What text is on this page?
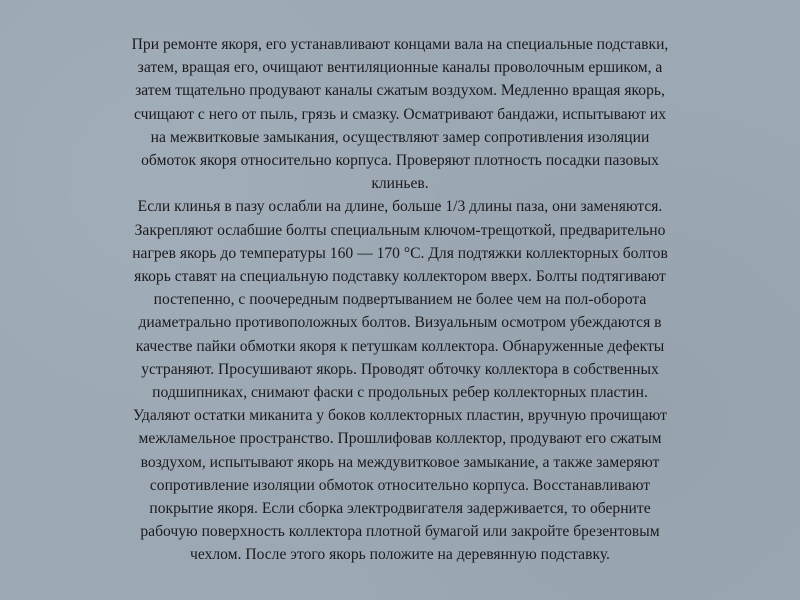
При ремонте якоря, его устанавливают концами вала на специальные подставки,
затем, вращая его, очищают вентиляционные каналы проволочным ершиком, а
затем тщательно продувают каналы сжатым воздухом. Медленно вращая якорь,
счищают с него от пыль, грязь и смазку. Осматривают бандажи, испытывают их
на межвитковые замыкания, осуществляют замер сопротивления изоляции
обмоток якоря относительно корпуса. Проверяют плотность посадки пазовых
клиньев.
Если клинья в пазу ослабли на длине, больше 1/3 длины паза, они заменяются.
Закрепляют ослабшие болты специальным ключом-трещоткой, предварительно
нагрев якорь до температуры 160 — 170 °С. Для подтяжки коллекторных болтов
якорь ставят на специальную подставку коллектором вверх. Болты подтягивают
постепенно, с поочередным подвертыванием не более чем на пол-оборота
диаметрально противоположных болтов. Визуальным осмотром убеждаются в
качестве пайки обмотки якоря к петушкам коллектора. Обнаруженные дефекты
устраняют. Просушивают якорь. Проводят обточку коллектора в собственных
подшипниках, снимают фаски с продольных ребер коллекторных пластин.
Удаляют остатки миканита у боков коллекторных пластин, вручную прочищают
межламельное пространство. Прошлифовав коллектор, продувают его сжатым
воздухом, испытывают якорь на междувитковое замыкание, а также замеряют
сопротивление изоляции обмоток относительно корпуса. Восстанавливают
покрытие якоря. Если сборка электродвигателя задерживается, то оберните
рабочую поверхность коллектора плотной бумагой или закройте брезентовым
чехлом. После этого якорь положите на деревянную подставку.
